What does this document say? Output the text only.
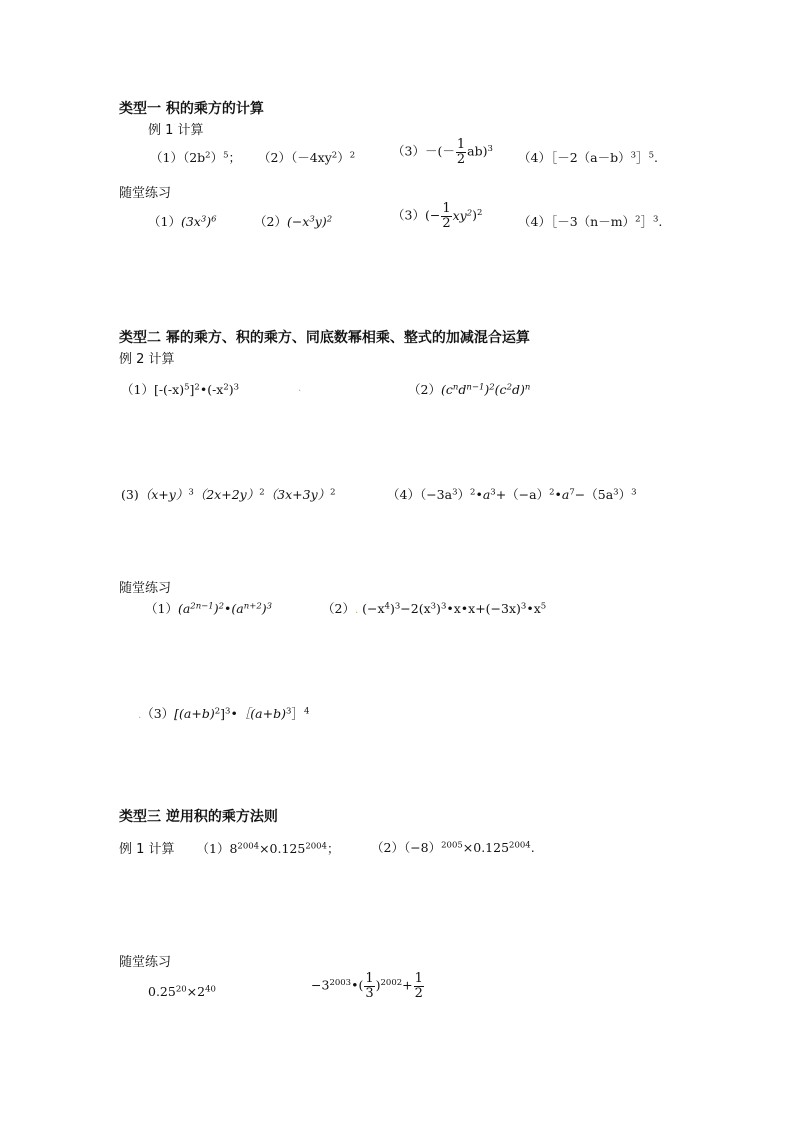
类型一 积的乘方的计算
例 1 计算
$(1)(2b^2)^5$； $(2)(-4xy^2)^2$	$(3)-(- \frac{1}{2} ab)^3$
$(4)[-2(a-b)^3]^5$.
随堂练习
$(1)(3x^3)^6$	$(2)(-x^3y)^2$	$(3)(- \frac{1}{2} xy^2)^2$
$(4)[-3(n-m)^2]^3$.
类型二 幂的乘方、积的乘方、同底数幂相乘、整式的加减混合运算
例 2 计算
$(1)[-(-x)^5]^2•(-x^2)^3$	.	$(2)(c^nd^{n-1})^2(c^2d)^n$
$(3)(x+y)^3(2x+2y)^2(3x+3y)^2$	$(4)(-3a^3)^2•a^3+(-a)^2•a^7-(5a^3)^3$
随堂练习
$(1)(a^{2n-1})^2•(a^{n+2})^3$	（2）. $(-x^4)^3-2(x^3)^3•x•x+(-3x)^3•x^5$
$.(3)[(a+b)^2]^3•[(a+b)^3]^4$
类型三 逆用积的乘方法则
例 1 计算 $(1)8^{2004}\times 0.125^{2004}$；	$(2)(-8)^{2005}\times 0.125^{2004}$.
随堂练习
$0.25^{20}\times 2^{40}$	$-3^{2003}•( \frac{1}{3} )^{2002}+ \frac{1}{2}$
